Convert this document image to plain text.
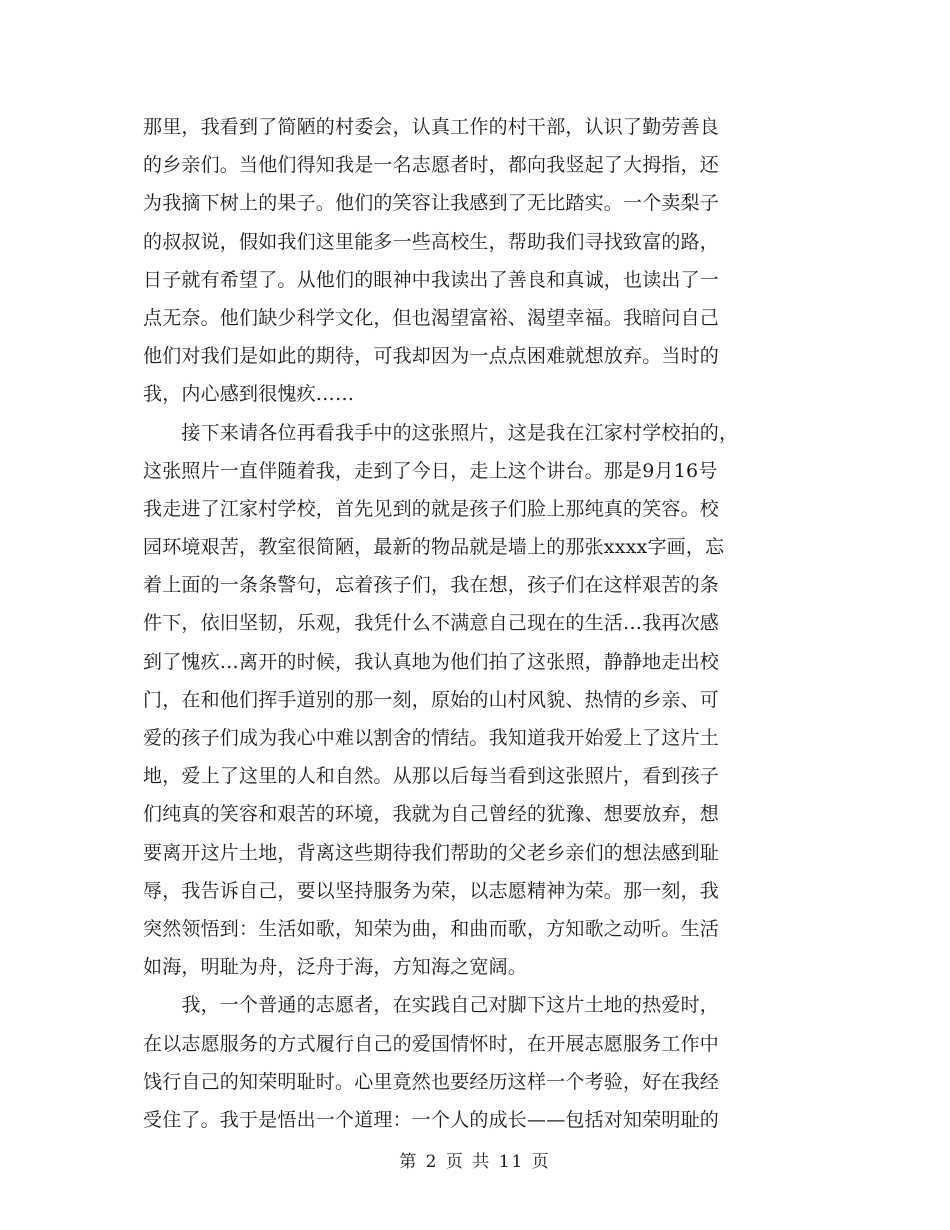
那里，我看到了简陋的村委会，认真工作的村干部，认识了勤劳善良
的乡亲们。当他们得知我是一名志愿者时，都向我竖起了大拇指，还
为我摘下树上的果子。他们的笑容让我感到了无比踏实。一个卖梨子
的叔叔说，假如我们这里能多一些高校生，帮助我们寻找致富的路，
日子就有希望了。从他们的眼神中我读出了善良和真诚，也读出了一
点无奈。他们缺少科学文化，但也渴望富裕、渴望幸福。我暗问自己
他们对我们是如此的期待，可我却因为一点点困难就想放弃。当时的
我，内心感到很愧疚……
　　接下来请各位再看我手中的这张照片，这是我在江家村学校拍的，
这张照片一直伴随着我，走到了今日，走上这个讲台。那是9月16号
我走进了江家村学校，首先见到的就是孩子们脸上那纯真的笑容。校
园环境艰苦，教室很简陋，最新的物品就是墙上的那张xxxx字画，忘
着上面的一条条警句，忘着孩子们，我在想，孩子们在这样艰苦的条
件下，依旧坚韧，乐观，我凭什么不满意自己现在的生活…我再次感
到了愧疚…离开的时候，我认真地为他们拍了这张照，静静地走出校
门，在和他们挥手道别的那一刻，原始的山村风貌、热情的乡亲、可
爱的孩子们成为我心中难以割舍的情结。我知道我开始爱上了这片土
地，爱上了这里的人和自然。从那以后每当看到这张照片，看到孩子
们纯真的笑容和艰苦的环境，我就为自己曾经的犹豫、想要放弃，想
要离开这片土地，背离这些期待我们帮助的父老乡亲们的想法感到耻
辱，我告诉自己，要以坚持服务为荣，以志愿精神为荣。那一刻，我
突然领悟到：生活如歌，知荣为曲，和曲而歌，方知歌之动听。生活
如海，明耻为舟，泛舟于海，方知海之宽阔。
　　我，一个普通的志愿者，在实践自己对脚下这片土地的热爱时，
在以志愿服务的方式履行自己的爱国情怀时，在开展志愿服务工作中
饯行自己的知荣明耻时。心里竟然也要经历这样一个考验，好在我经
受住了。我于是悟出一个道理：一个人的成长——包括对知荣明耻的
第 2 页 共 11 页
